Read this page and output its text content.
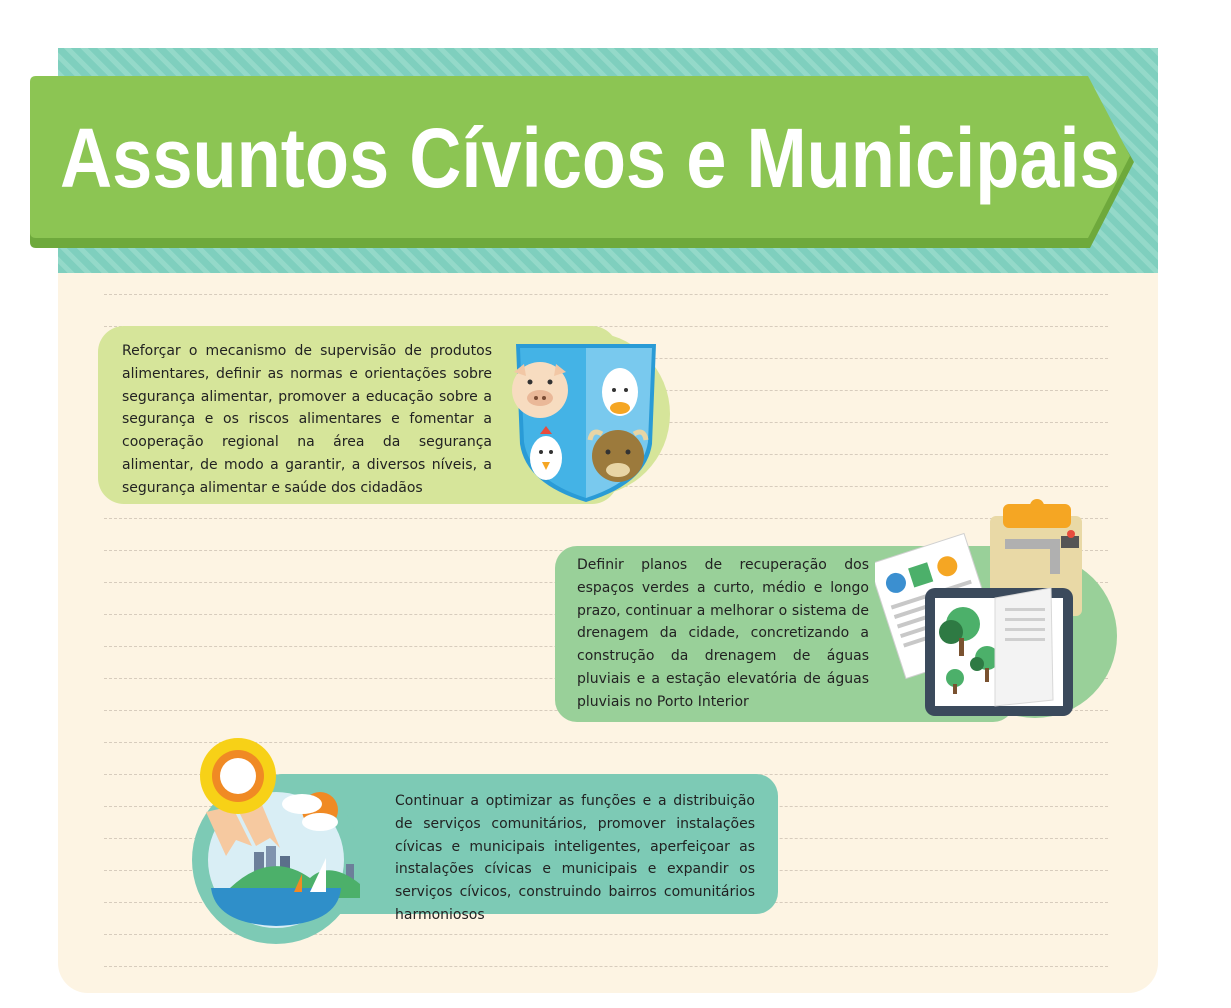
Assuntos Cívicos e Municipais

Reforçar o mecanismo de supervisão de produtos alimentares, definir as normas e orientações sobre segurança alimentar, promover a educação sobre a segurança e os riscos alimentares e fomentar a cooperação regional na área da segurança alimentar, de modo a garantir, a diversos níveis, a segurança alimentar e saúde dos cidadãos

Definir planos de recuperação dos espaços verdes a curto, médio e longo prazo, continuar a melhorar o sistema de drenagem da cidade, concretizando a construção da drenagem de águas pluviais e a estação elevatória de águas pluviais no Porto Interior

Continuar a optimizar as funções e a distribuição de serviços comunitários, promover instalações cívicas e municipais inteligentes, aperfeiçoar as instalações cívicas e municipais e expandir os serviços cívicos, construindo bairros comunitários harmoniosos
